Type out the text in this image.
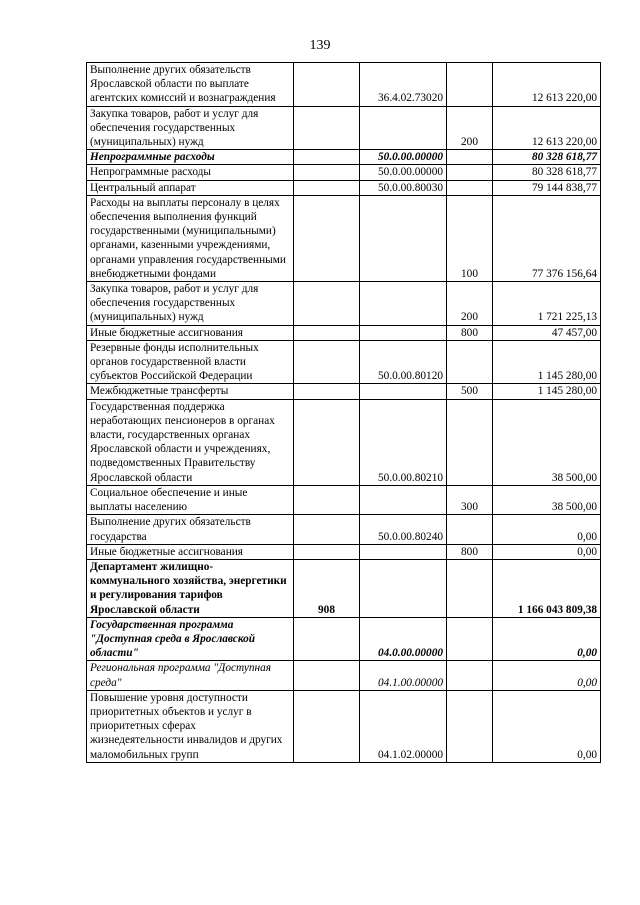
139
Выполнение других обязательств Ярославской области по выплате агентских комиссий и вознаграждения		36.4.02.73020		12 613 220,00
Закупка товаров, работ и услуг для обеспечения государственных (муниципальных) нужд			200	12 613 220,00
Непрограммные расходы		50.0.00.00000		80 328 618,77
Непрограммные расходы		50.0.00.00000		80 328 618,77
Центральный аппарат		50.0.00.80030		79 144 838,77
Расходы на выплаты персоналу в целях обеспечения выполнения функций государственными (муниципальными) органами, казенными учреждениями, органами управления государственными внебюджетными фондами			100	77 376 156,64
Закупка товаров, работ и услуг для обеспечения государственных (муниципальных) нужд			200	1 721 225,13
Иные бюджетные ассигнования			800	47 457,00
Резервные фонды исполнительных органов государственной власти субъектов Российской Федерации		50.0.00.80120		1 145 280,00
Межбюджетные трансферты			500	1 145 280,00
Государственная поддержка неработающих пенсионеров в органах власти, государственных органах Ярославской области и учреждениях, подведомственных Правительству Ярославской области		50.0.00.80210		38 500,00
Социальное обеспечение и иные выплаты населению			300	38 500,00
Выполнение других обязательств государства		50.0.00.80240		0,00
Иные бюджетные ассигнования			800	0,00
Департамент жилищно-коммунального хозяйства, энергетики и регулирования тарифов Ярославской области	908			1 166 043 809,38
Государственная программа "Доступная среда в Ярославской области"		04.0.00.00000		0,00
Региональная программа "Доступная среда"		04.1.00.00000		0,00
Повышение уровня доступности приоритетных объектов и услуг в приоритетных сферах жизнедеятельности инвалидов и других маломобильных групп		04.1.02.00000		0,00
